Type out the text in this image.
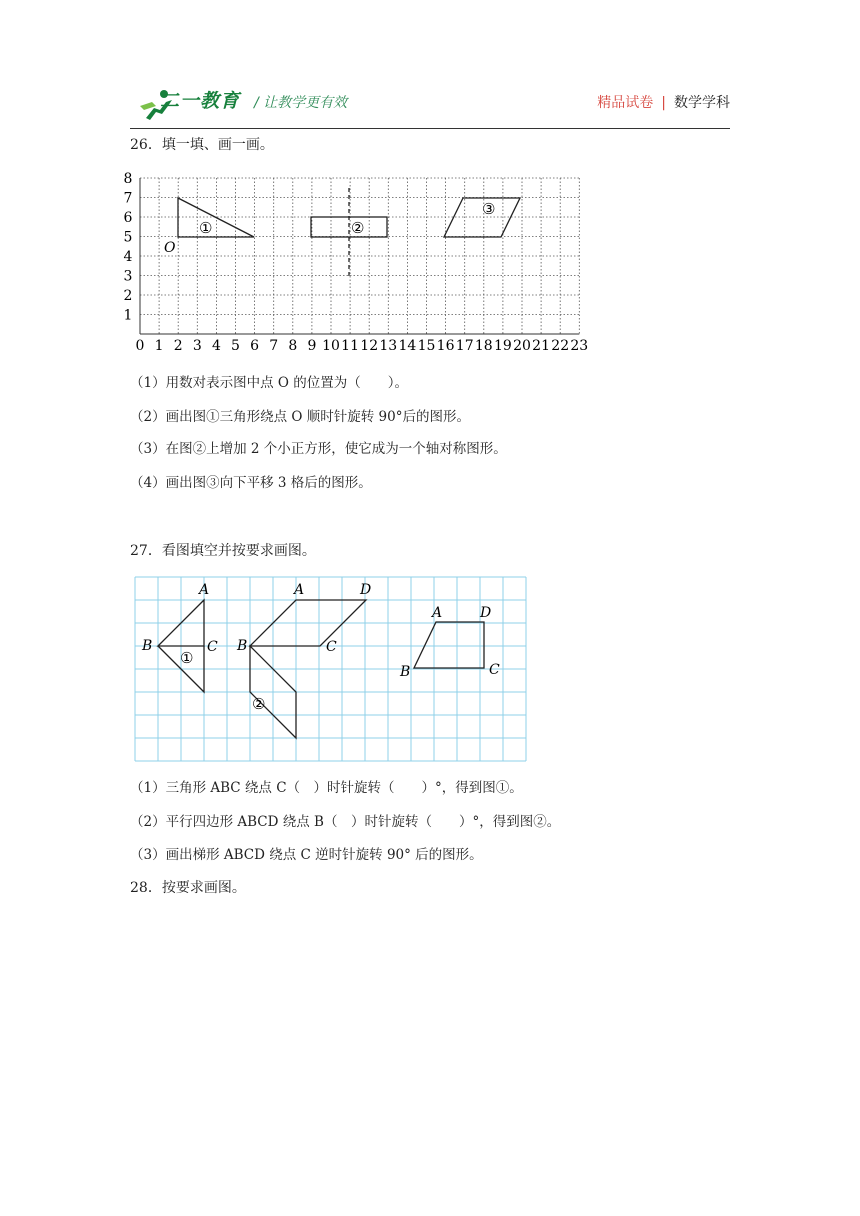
二一教育 / 让教学更有效	精品试卷 | 数学学科
26．填一填、画一画。
1
2
3
4
5
6
7
8
0 1 2 3 4 5 6 7 8 9 10 11 12 13 14 15 16 17 18 19 20 21 22 23
①
O
②
③
（1）用数对表示图中点 O 的位置为（　　）。
（2）画出图①三角形绕点 O 顺时针旋转 90°后的图形。
（3）在图②上增加 2 个小正方形，使它成为一个轴对称图形。
（4）画出图③向下平移 3 格后的图形。
27．看图填空并按要求画图。
A
B	C
①
A	D
B	C
②
A	D
B	C
（1）三角形 ABC 绕点 C（　）时针旋转（　　）°，得到图①。
（2）平行四边形 ABCD 绕点 B（　）时针旋转（　　）°，得到图②。
（3）画出梯形 ABCD 绕点 C 逆时针旋转 90° 后的图形。
28．按要求画图。
